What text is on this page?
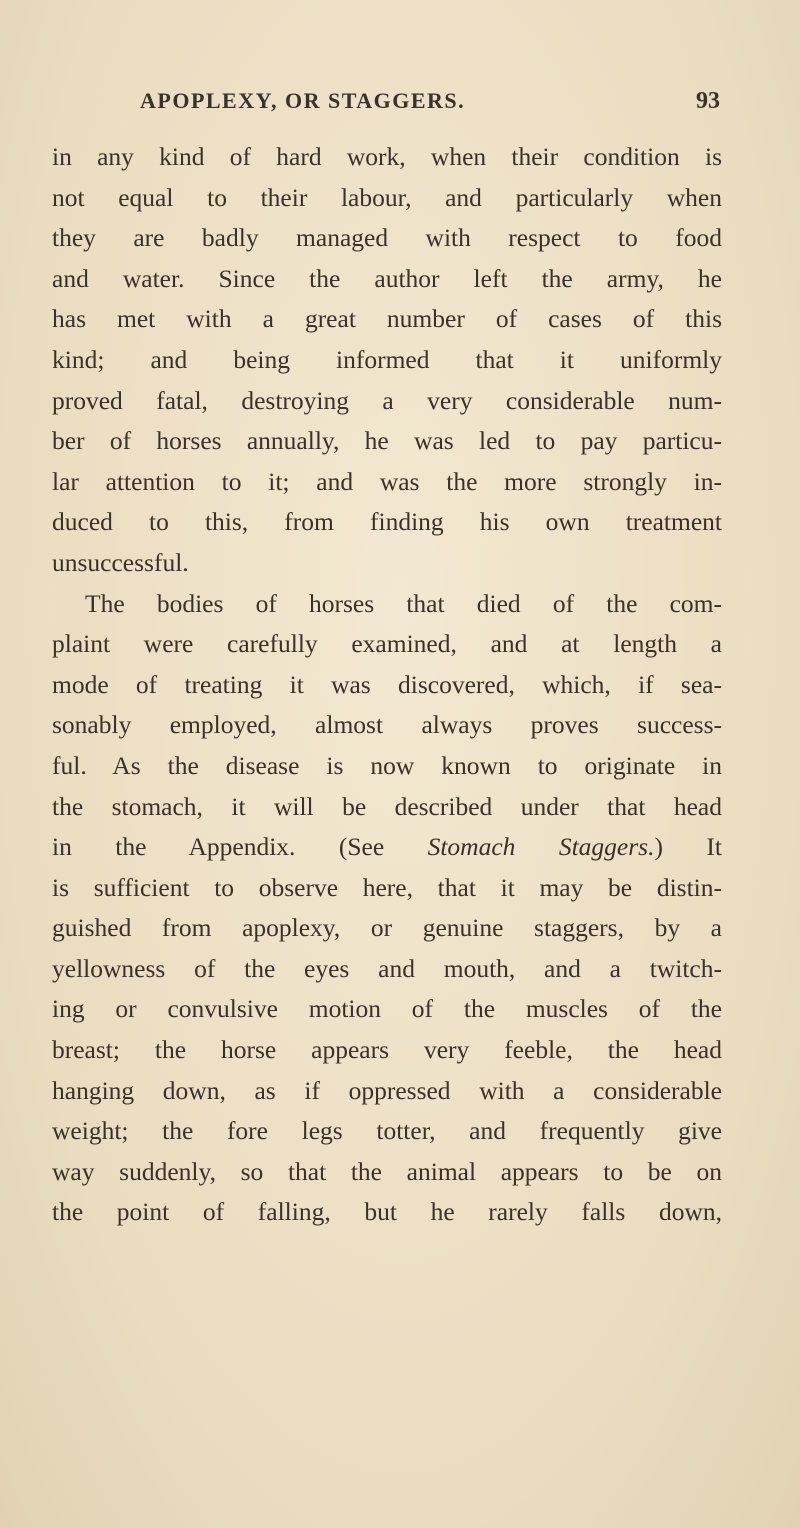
APOPLEXY, OR STAGGERS.	93
in any kind of hard work, when their condition is
not equal to their labour, and particularly when
they are badly managed with respect to food
and water. Since the author left the army, he
has met with a great number of cases of this
kind; and being informed that it uniformly
proved fatal, destroying a very considerable num-
ber of horses annually, he was led to pay particu-
lar attention to it; and was the more strongly in-
duced to this, from finding his own treatment
unsuccessful.
The bodies of horses that died of the com-
plaint were carefully examined, and at length a
mode of treating it was discovered, which, if sea-
sonably employed, almost always proves success-
ful. As the disease is now known to originate in
the stomach, it will be described under that head
in the Appendix. (See Stomach Staggers.) It
is sufficient to observe here, that it may be distin-
guished from apoplexy, or genuine staggers, by a
yellowness of the eyes and mouth, and a twitch-
ing or convulsive motion of the muscles of the
breast; the horse appears very feeble, the head
hanging down, as if oppressed with a considerable
weight; the fore legs totter, and frequently give
way suddenly, so that the animal appears to be on
the point of falling, but he rarely falls down,
